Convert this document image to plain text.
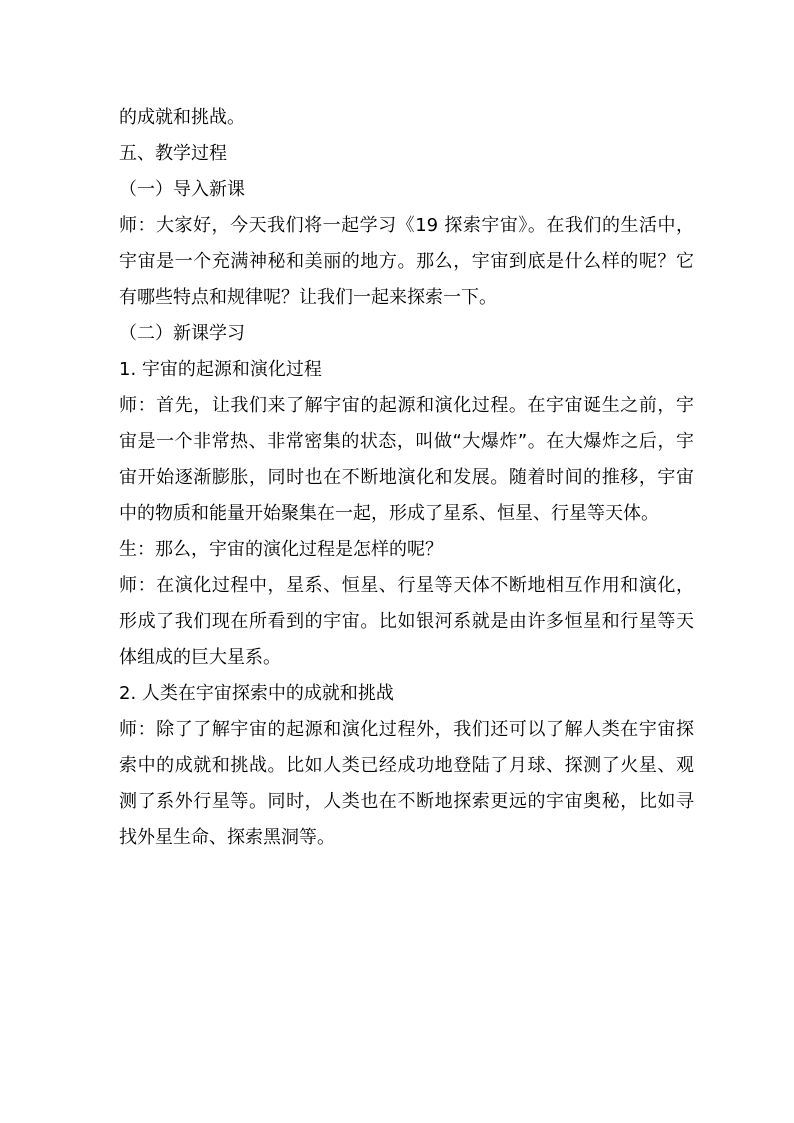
的成就和挑战。

五、教学过程

（一）导入新课

师：大家好，今天我们将一起学习《19 探索宇宙》。在我们的生活中，宇宙是一个充满神秘和美丽的地方。那么，宇宙到底是什么样的呢？它有哪些特点和规律呢？让我们一起来探索一下。

（二）新课学习

1. 宇宙的起源和演化过程

师：首先，让我们来了解宇宙的起源和演化过程。在宇宙诞生之前，宇宙是一个非常热、非常密集的状态，叫做“大爆炸”。在大爆炸之后，宇宙开始逐渐膨胀，同时也在不断地演化和发展。随着时间的推移，宇宙中的物质和能量开始聚集在一起，形成了星系、恒星、行星等天体。

生：那么，宇宙的演化过程是怎样的呢？

师：在演化过程中，星系、恒星、行星等天体不断地相互作用和演化，形成了我们现在所看到的宇宙。比如银河系就是由许多恒星和行星等天体组成的巨大星系。

2. 人类在宇宙探索中的成就和挑战

师：除了了解宇宙的起源和演化过程外，我们还可以了解人类在宇宙探索中的成就和挑战。比如人类已经成功地登陆了月球、探测了火星、观测了系外行星等。同时，人类也在不断地探索更远的宇宙奥秘，比如寻找外星生命、探索黑洞等。
